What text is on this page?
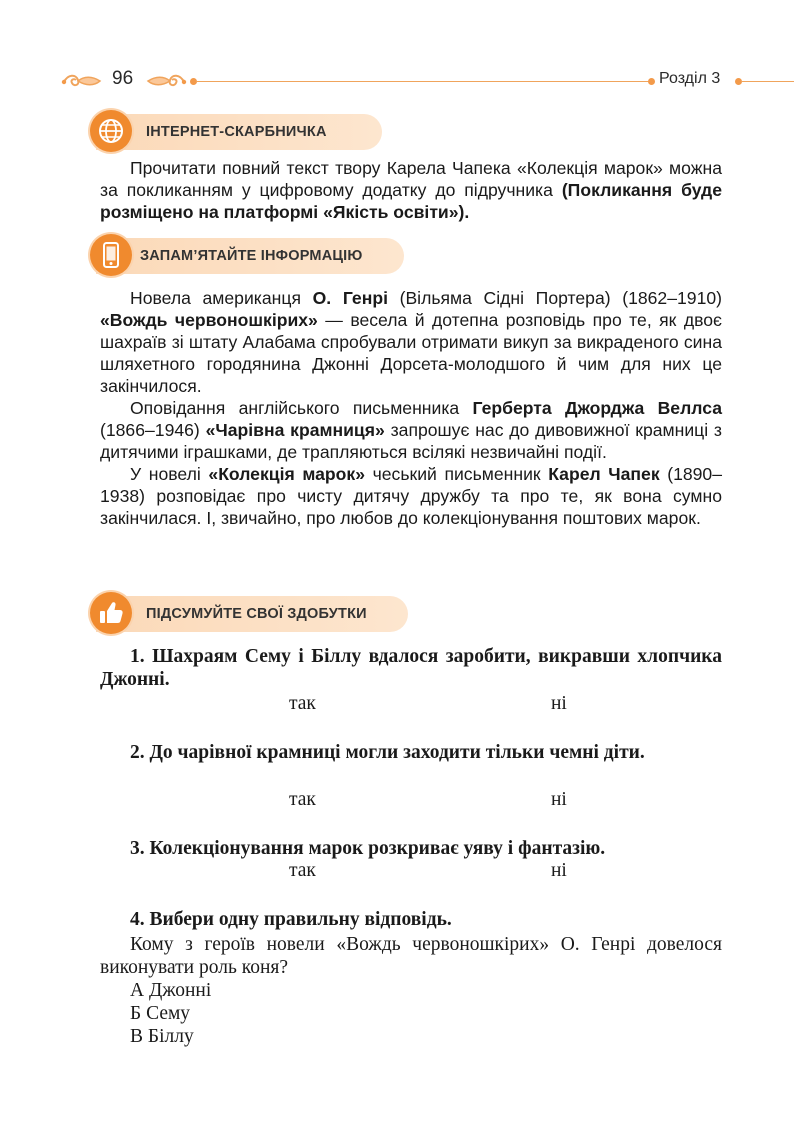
96	Розділ 3
ІНТЕРНЕТ-СКАРБНИЧКА

Прочитати повний текст твору Карела Чапека «Колекція марок» можна за покликанням у цифровому додатку до підручника (Покликання буде розміщено на платформі «Якість освіти»).

ЗАПАМ’ЯТАЙТЕ ІНФОРМАЦІЮ

Новела американця О. Генрі (Вільяма Сідні Портера) (1862–1910) «Вождь червоношкірих» — весела й дотепна розповідь про те, як двоє шахраїв зі штату Алабама спробували отримати викуп за викраденого сина шляхетного городянина Джонні Дорсета-молодшого й чим для них це закінчилося.

Оповідання англійського письменника Герберта Джорджа Веллса (1866–1946) «Чарівна крамниця» запрошує нас до дивовижної крамниці з дитячими іграшками, де трапляються всілякі незвичайні події.

У новелі «Колекція марок» чеський письменник Карел Чапек (1890–1938) розповідає про чисту дитячу дружбу та про те, як вона сумно закінчилася. І, звичайно, про любов до колекціонування поштових марок.

ПІДСУМУЙТЕ СВОЇ ЗДОБУТКИ

1. Шахраям Сему і Біллу вдалося заробити, викравши хлопчика Джонні.

так	ні

2. До чарівної крамниці могли заходити тільки чемні діти.

так	ні

3. Колекціонування марок розкриває уяву і фантазію.

так	ні

4. Вибери одну правильну відповідь.

Кому з героїв новели «Вождь червоношкірих» О. Генрі довелося виконувати роль коня?

А Джонні

Б Сему

В Біллу
